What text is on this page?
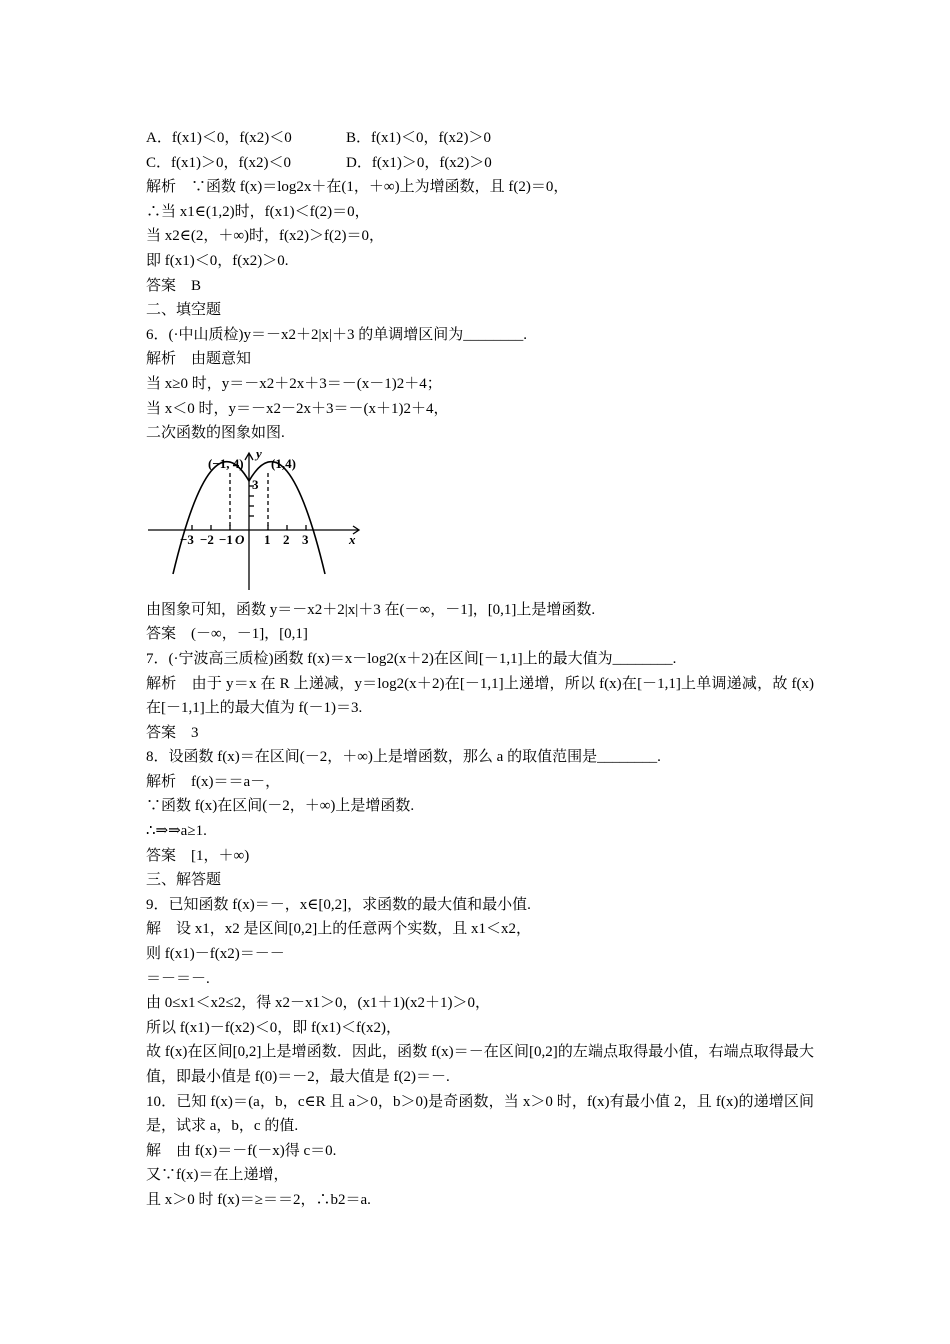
A．f(x1)＜0，f(x2)＜0	B．f(x1)＜0，f(x2)＞0
C．f(x1)＞0，f(x2)＜0	D．f(x1)＞0，f(x2)＞0
解析　∵函数 f(x)＝log2x＋在(1，＋∞)上为增函数，且 f(2)＝0，
∴当 x1∈(1,2)时，f(x1)＜f(2)＝0，
当 x2∈(2，＋∞)时，f(x2)＞f(2)＝0，
即 f(x1)＜0，f(x2)＞0.
答案　B
二、填空题
6．(·中山质检)y＝－x2＋2|x|＋3 的单调增区间为________.
解析　由题意知
当 x≥0 时，y＝－x2＋2x＋3＝－(x－1)2＋4；
当 x＜0 时，y＝－x2－2x＋3＝－(x＋1)2＋4，
二次函数的图象如图.
y
x
(−1, 4) (1,4)
3
−3 −2 −1 O 1 2 3
由图象可知，函数 y＝－x2＋2|x|＋3 在(－∞，－1]，[0,1]上是增函数.
答案　(－∞，－1]，[0,1]
7．(·宁波高三质检)函数 f(x)＝x－log2(x＋2)在区间[－1,1]上的最大值为________.
解析　由于 y＝x 在 R 上递减，y＝log2(x＋2)在[－1,1]上递增，所以 f(x)在[－1,1]上单调递减，故 f(x)在[－1,1]上的最大值为 f(－1)＝3.
答案　3
8．设函数 f(x)＝在区间(－2，＋∞)上是增函数，那么 a 的取值范围是________.
解析　f(x)＝＝a－，
∵函数 f(x)在区间(－2，＋∞)上是增函数.
∴⇒⇒a≥1.
答案　[1，＋∞)
三、解答题
9．已知函数 f(x)＝－，x∈[0,2]，求函数的最大值和最小值.
解　设 x1，x2 是区间[0,2]上的任意两个实数，且 x1＜x2，
则 f(x1)－f(x2)＝－－
＝－＝－.
由 0≤x1＜x2≤2，得 x2－x1＞0，(x1＋1)(x2＋1)＞0，
所以 f(x1)－f(x2)＜0，即 f(x1)＜f(x2)，
故 f(x)在区间[0,2]上是增函数．因此，函数 f(x)＝－在区间[0,2]的左端点取得最小值，右端点取得最大值，即最小值是 f(0)＝－2，最大值是 f(2)＝－.
10．已知 f(x)＝(a，b，c∈R 且 a＞0，b＞0)是奇函数，当 x＞0 时，f(x)有最小值 2，且 f(x)的递增区间是，试求 a，b，c 的值.
解　由 f(x)＝－f(－x)得 c＝0.
又∵f(x)＝在上递增，
且 x＞0 时 f(x)＝≥＝＝2，∴b2＝a.
